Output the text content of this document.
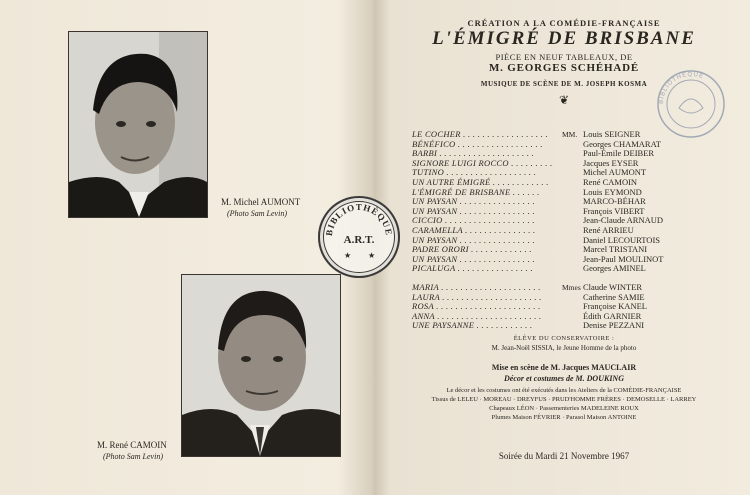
M. Michel AUMONT
(Photo Sam Levin)
M. René CAMOIN
(Photo Sam Levin)
CRÉATION A LA COMÉDIE-FRANÇAISE
L'ÉMIGRÉ DE BRISBANE
PIÈCE EN NEUF TABLEAUX, DE
M. GEORGES SCHÉHADÉ
MUSIQUE DE SCÈNE DE M. JOSEPH KOSMA
❦
LE COCHER . . . . . . . . . . . . . . . . . . MM. Louis SEIGNER
BÉNÉFICO . . . . . . . . . . . . . . . . . .	Georges CHAMARAT
BARBI . . . . . . . . . . . . . . . . . . . .	Paul-Émile DEIBER
SIGNORE LUIGI ROCCO . . . . . . . . .	Jacques EYSER
TUTINO . . . . . . . . . . . . . . . . . . .	Michel AUMONT
UN AUTRE ÉMIGRÉ . . . . . . . . . . . .	René CAMOIN
L'ÉMIGRÉ DE BRISBANE . . . . . .	Louis EYMOND
UN PAYSAN . . . . . . . . . . . . . . . .	MARCO-BÉHAR
UN PAYSAN . . . . . . . . . . . . . . . .	François VIBERT
CICCIO . . . . . . . . . . . . . . . . . . .	Jean-Claude ARNAUD
CARAMELLA . . . . . . . . . . . . . . .	René ARRIEU
UN PAYSAN . . . . . . . . . . . . . . . .	Daniel LECOURTOIS
PADRE ORORI . . . . . . . . . . . . .	Marcel TRISTANI
UN PAYSAN . . . . . . . . . . . . . . . .	Jean-Paul MOULINOT
PICALUGA . . . . . . . . . . . . . . . .	Georges AMINEL
MARIA . . . . . . . . . . . . . . . . . . . . .	Mmes Claude WINTER
LAURA . . . . . . . . . . . . . . . . . . . . .	Catherine SAMIE
ROSA . . . . . . . . . . . . . . . . . . . . . .	Françoise KANEL
ANNA . . . . . . . . . . . . . . . . . . . . . .	Édith GARNIER
UNE PAYSANNE . . . . . . . . . . . .	Denise PEZZANI
ÉLÈVE DU CONSERVATOIRE :
M. Jean-Noël SISSIA, le Jeune Homme de la photo
Mise en scène de M. Jacques MAUCLAIR
Décor et costumes de M. DOUKING
Le décor et les costumes ont été exécutés dans les Ateliers de la COMÉDIE-FRANÇAISE
Tissus de LELEU · MOREAU · DREYFUS · PRUD'HOMME FRÈRES · DEMOSELLE · LARREY
Chapeaux LÉON · Passementeries MADELEINE ROUX
Plumes Maison FÉVRIER · Parasol Maison ANTOINE
Soirée du Mardi 21 Novembre 1967
BIBLIOTHÈQUE
A.R.T.
★ ★
BIBLIOTHÈQUE
